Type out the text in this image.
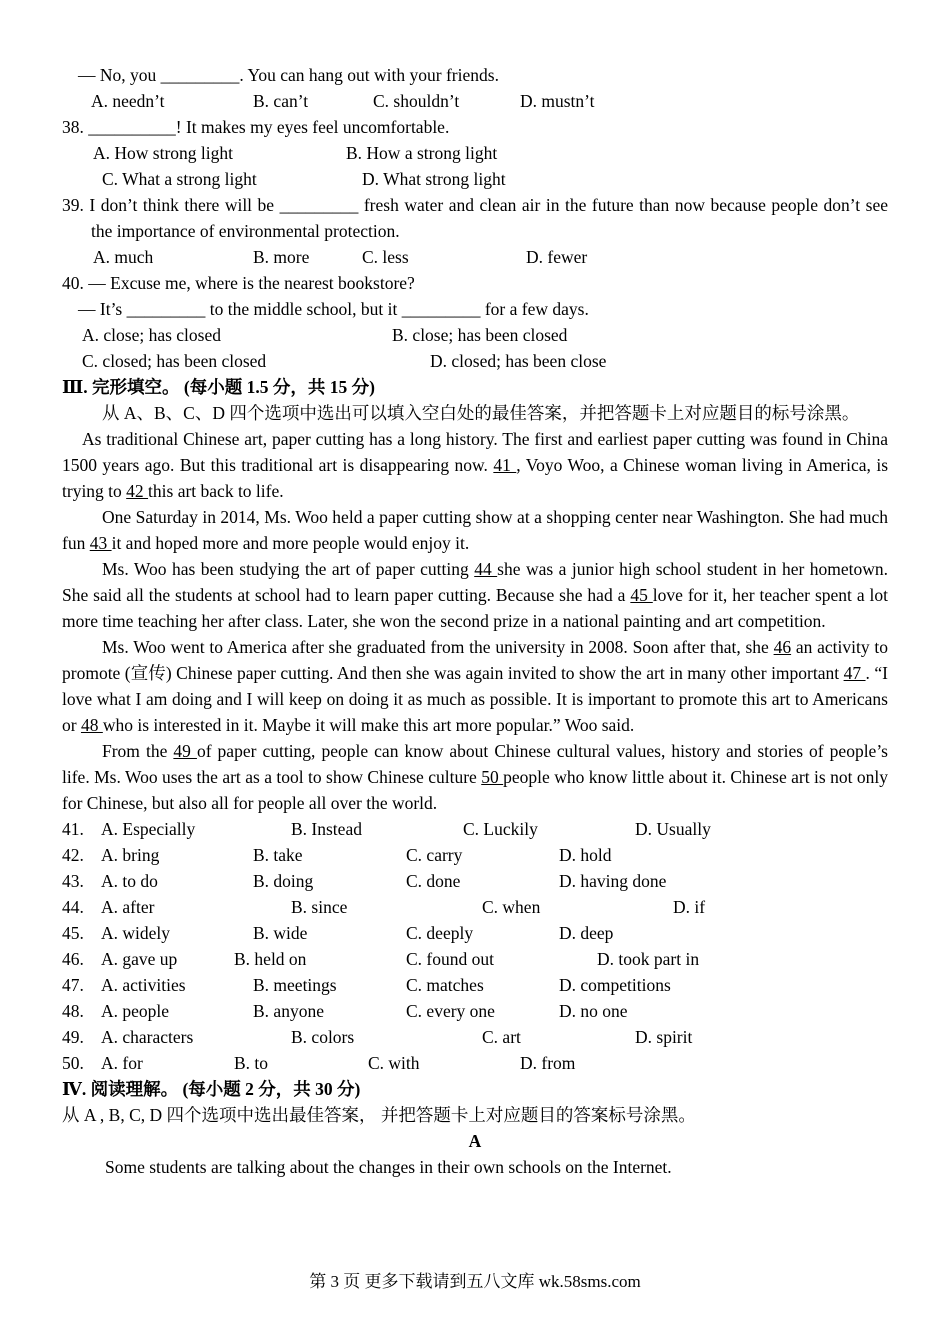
— No, you _________. You can hang out with your friends.
A. needn’t	B. can’t	C. shouldn’t	D. mustn’t
38. __________! It makes my eyes feel uncomfortable.
A. How strong light	B. How a strong light
C. What a strong light	D. What strong light

39. I don’t think there will be _________ fresh water and clean air in the future than now because people don’t see the importance of environmental protection.

A. much	B. more	C. less	D. fewer
40. — Excuse me, where is the nearest bookstore?
— It’s _________ to the middle school, but it _________ for a few days.
A. close; has closed	B. close; has been closed
C. closed; has been closed	D. closed; has been close
Ⅲ. 完形填空。 (每小题 1.5 分，共 15 分)

从 A、B、C、D 四个选项中选出可以填入空白处的最佳答案，并把答题卡上对应题目的标号涂黑。

As traditional Chinese art, paper cutting has a long history. The first and earliest paper cutting was found in China 1500 years ago. But this traditional art is disappearing now. 41 , Voyo Woo, a Chinese woman living in America, is trying to 42 this art back to life.

One Saturday in 2014, Ms. Woo held a paper cutting show at a shopping center near Washington. She had much fun 43 it and hoped more and more people would enjoy it.

Ms. Woo has been studying the art of paper cutting 44 she was a junior high school student in her hometown. She said all the students at school had to learn paper cutting. Because she had a 45 love for it, her teacher spent a lot more time teaching her after class. Later, she won the second prize in a national painting and art competition.

Ms. Woo went to America after she graduated from the university in 2008. Soon after that, she 46 an activity to promote (宣传) Chinese paper cutting. And then she was again invited to show the art in many other important 47 . “I love what I am doing and I will keep on doing it as much as possible. It is important to promote this art to Americans or 48 who is interested in it. Maybe it will make this art more popular.” Woo said.

From the 49 of paper cutting, people can know about Chinese cultural values, history and stories of people’s life. Ms. Woo uses the art as a tool to show Chinese culture 50 people who know little about it. Chinese art is not only for Chinese, but also all for people all over the world.

41. A. Especially	B. Instead	C. Luckily	D. Usually
42. A. bring	B. take	C. carry	D. hold
43. A. to do	B. doing	C. done	D. having done
44. A. after	B. since	C. when	D. if
45. A. widely	B. wide	C. deeply	D. deep
46. A. gave up	B. held on	C. found out	D. took part in
47. A. activities	B. meetings	C. matches	D. competitions
48. A. people	B. anyone	C. every one	D. no one
49. A. characters	B. colors	C. art	D. spirit
50. A. for	B. to	C. with	D. from
Ⅳ. 阅读理解。 (每小题 2 分，共 30 分)
从 A , B, C, D 四个选项中选出最佳答案， 并把答题卡上对应题目的答案标号涂黑。
A
Some students are talking about the changes in their own schools on the Internet.
第 3 页 更多下载请到五八文库 wk.58sms.com
